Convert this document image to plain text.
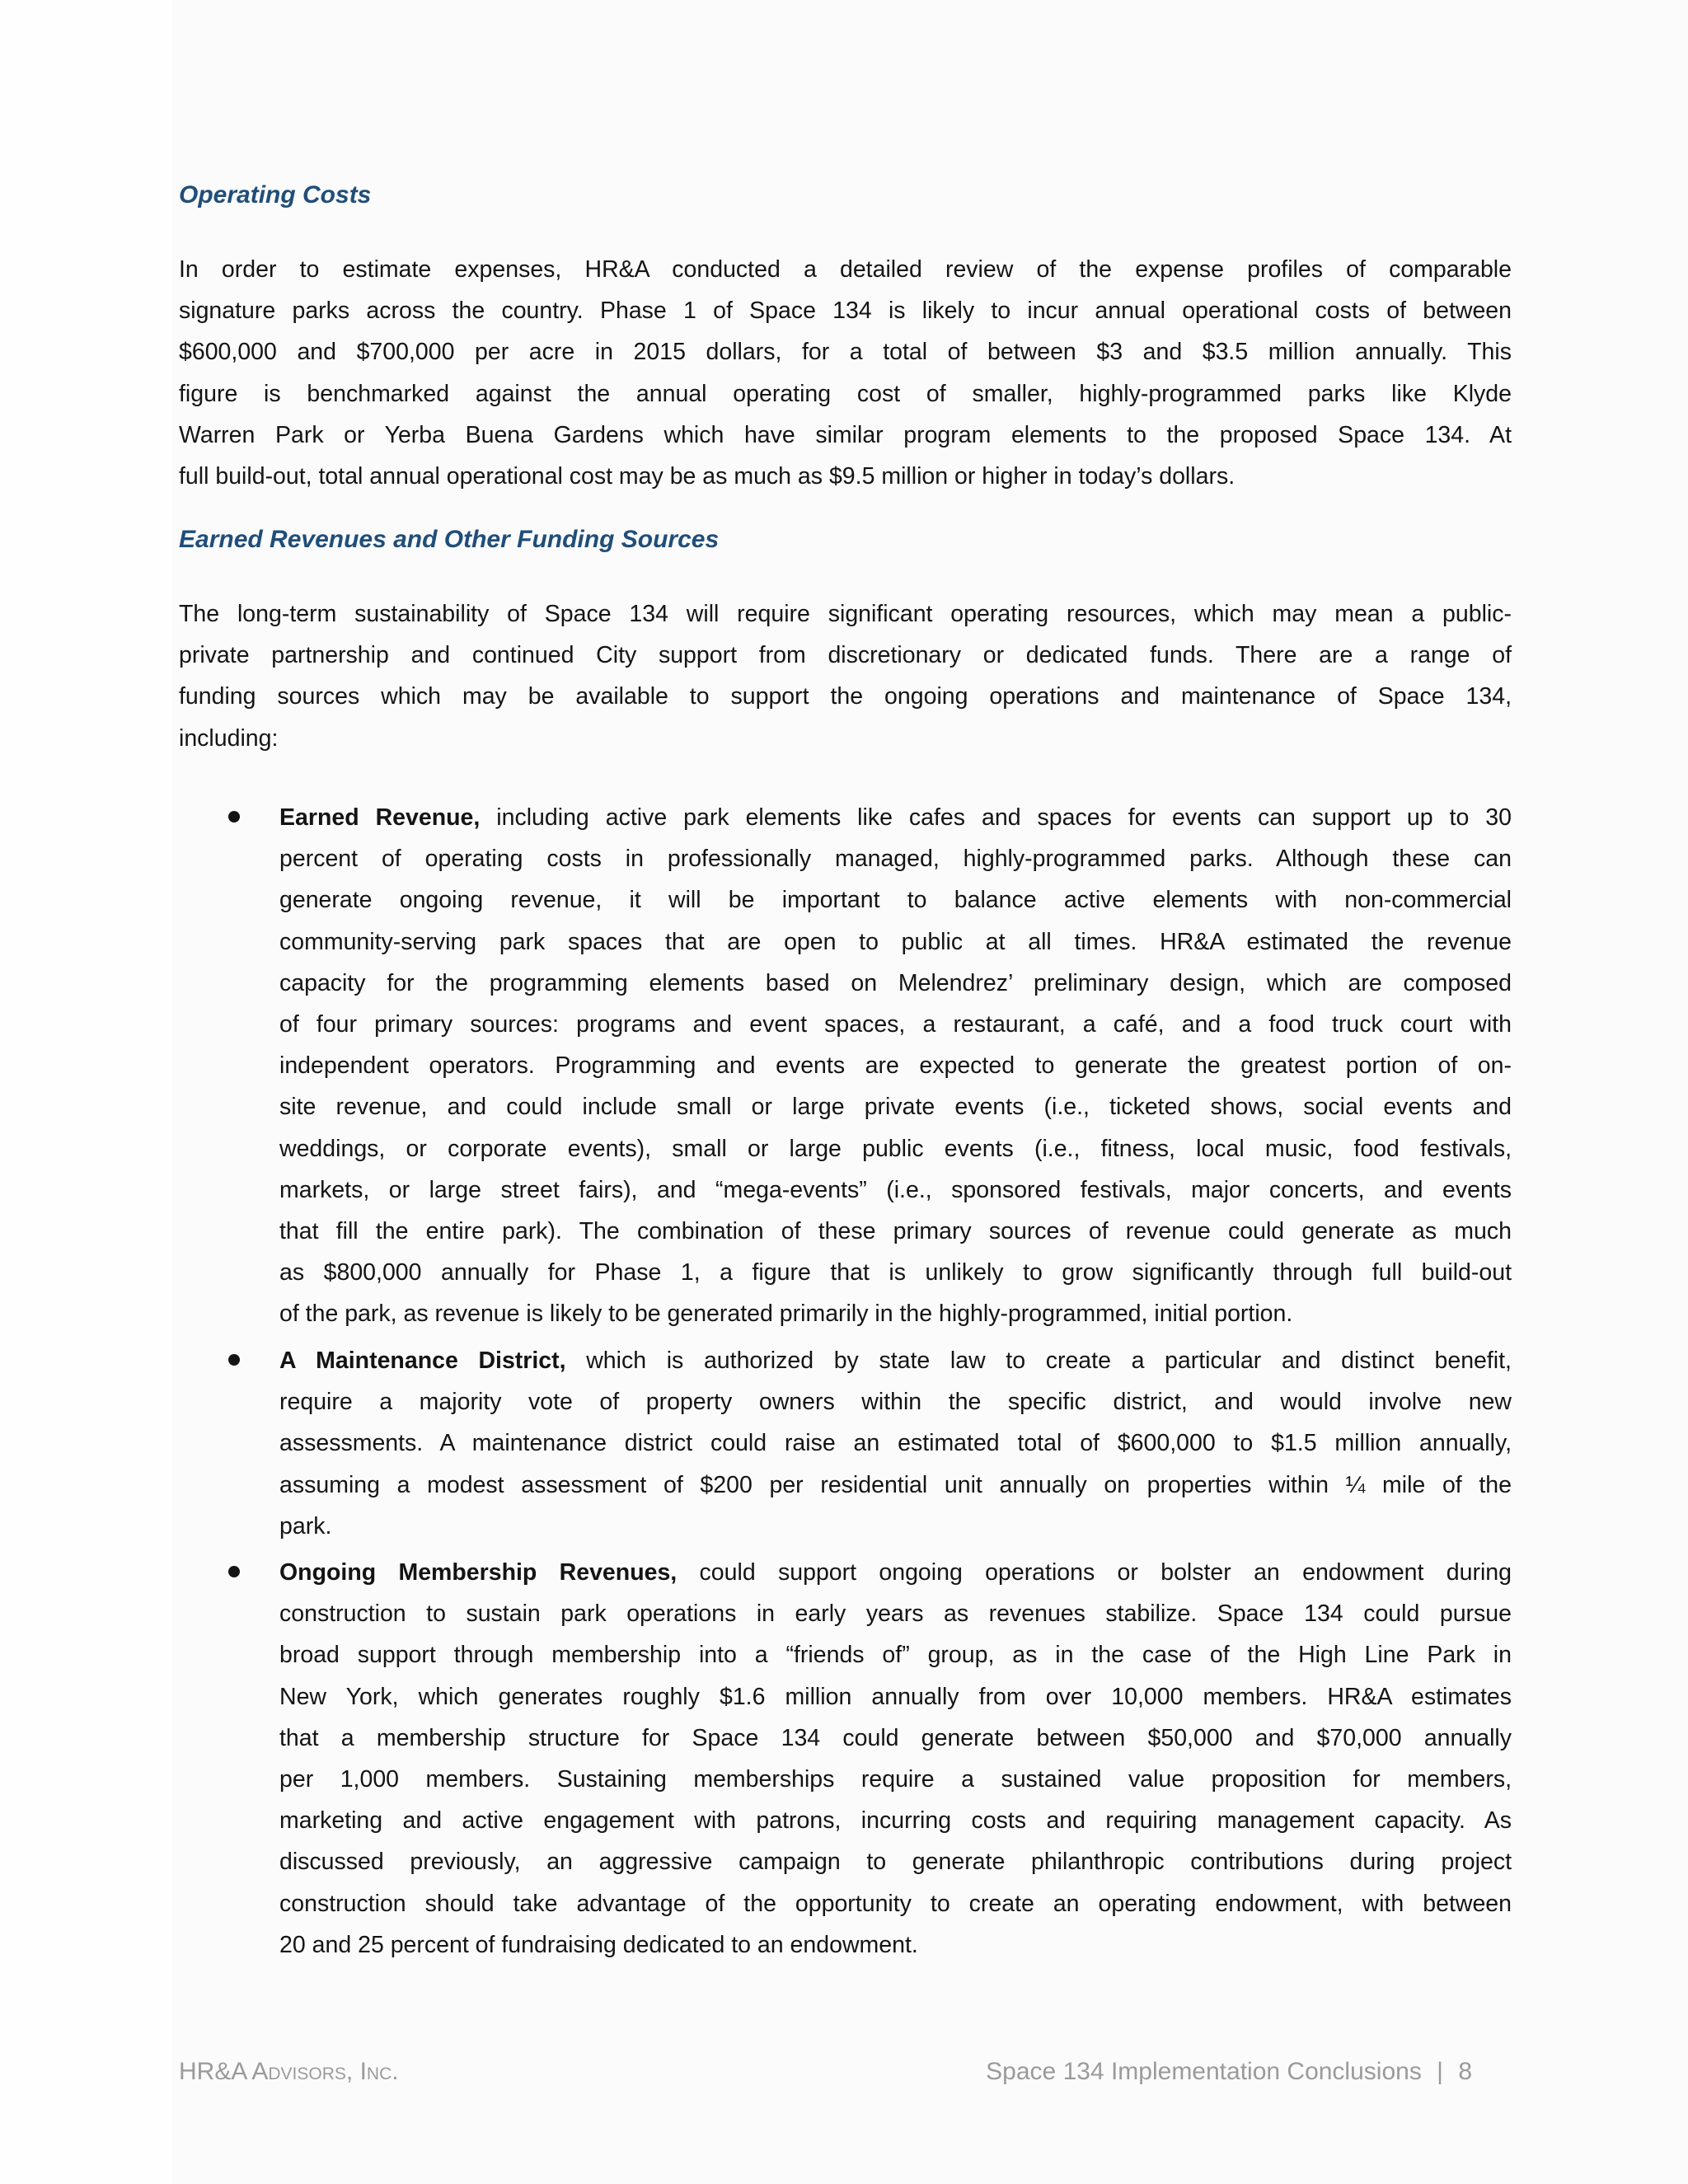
Operating Costs
In order to estimate expenses, HR&A conducted a detailed review of the expense profiles of comparable
signature parks across the country. Phase 1 of Space 134 is likely to incur annual operational costs of between
$600,000 and $700,000 per acre in 2015 dollars, for a total of between $3 and $3.5 million annually. This
figure is benchmarked against the annual operating cost of smaller, highly-programmed parks like Klyde
Warren Park or Yerba Buena Gardens which have similar program elements to the proposed Space 134. At
full build-out, total annual operational cost may be as much as $9.5 million or higher in today’s dollars.
Earned Revenues and Other Funding Sources
The long-term sustainability of Space 134 will require significant operating resources, which may mean a public-
private partnership and continued City support from discretionary or dedicated funds. There are a range of
funding sources which may be available to support the ongoing operations and maintenance of Space 134,
including:
Earned Revenue, including active park elements like cafes and spaces for events can support up to 30
percent of operating costs in professionally managed, highly-programmed parks. Although these can
generate ongoing revenue, it will be important to balance active elements with non-commercial
community-serving park spaces that are open to public at all times. HR&A estimated the revenue
capacity for the programming elements based on Melendrez’ preliminary design, which are composed
of four primary sources: programs and event spaces, a restaurant, a café, and a food truck court with
independent operators. Programming and events are expected to generate the greatest portion of on-
site revenue, and could include small or large private events (i.e., ticketed shows, social events and
weddings, or corporate events), small or large public events (i.e., fitness, local music, food festivals,
markets, or large street fairs), and “mega-events” (i.e., sponsored festivals, major concerts, and events
that fill the entire park). The combination of these primary sources of revenue could generate as much
as $800,000 annually for Phase 1, a figure that is unlikely to grow significantly through full build-out
of the park, as revenue is likely to be generated primarily in the highly-programmed, initial portion.
A Maintenance District, which is authorized by state law to create a particular and distinct benefit,
require a majority vote of property owners within the specific district, and would involve new
assessments. A maintenance district could raise an estimated total of $600,000 to $1.5 million annually,
assuming a modest assessment of $200 per residential unit annually on properties within ¼ mile of the
park.
Ongoing Membership Revenues, could support ongoing operations or bolster an endowment during
construction to sustain park operations in early years as revenues stabilize. Space 134 could pursue
broad support through membership into a “friends of” group, as in the case of the High Line Park in
New York, which generates roughly $1.6 million annually from over 10,000 members. HR&A estimates
that a membership structure for Space 134 could generate between $50,000 and $70,000 annually
per 1,000 members. Sustaining memberships require a sustained value proposition for members,
marketing and active engagement with patrons, incurring costs and requiring management capacity. As
discussed previously, an aggressive campaign to generate philanthropic contributions during project
construction should take advantage of the opportunity to create an operating endowment, with between
20 and 25 percent of fundraising dedicated to an endowment.
HR&A Advisors, Inc.	Space 134 Implementation Conclusions | 8
